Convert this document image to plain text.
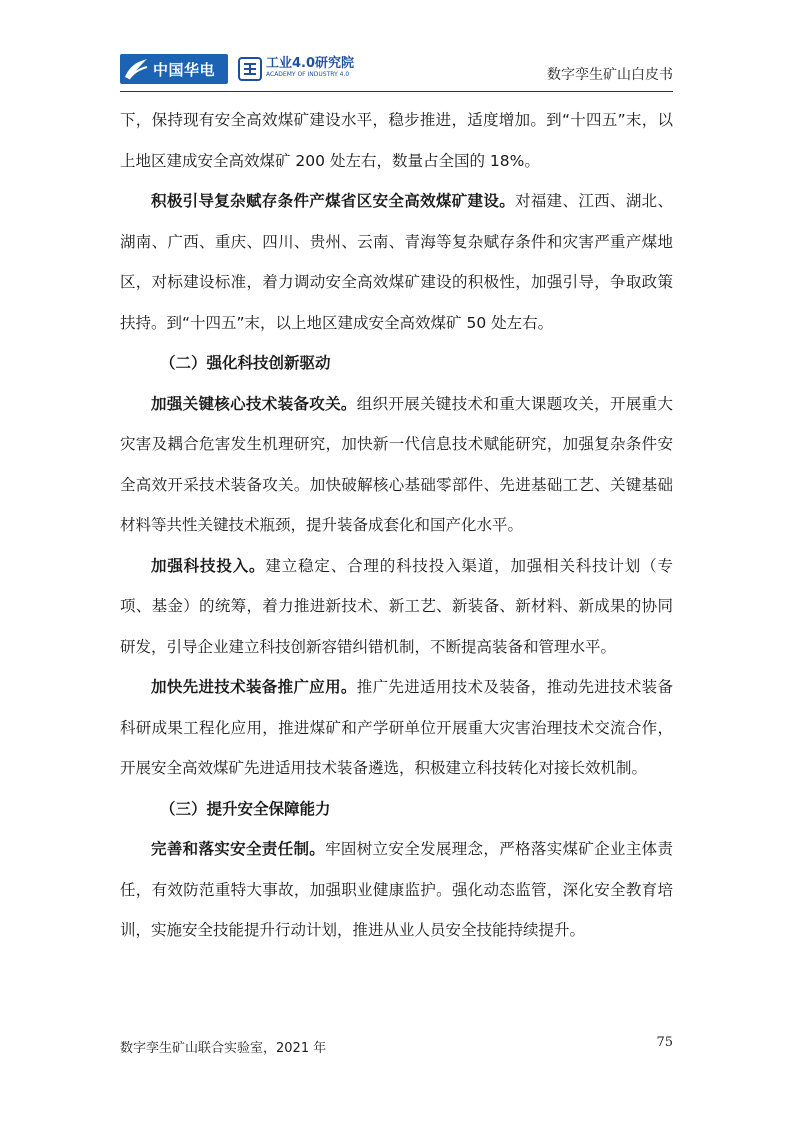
中国华电	工业4.0研究院
ACADEMY OF INDUSTRY 4.0	数字孪生矿山白皮书

下，保持现有安全高效煤矿建设水平，稳步推进，适度增加。到“十四五”末，以上地区建成安全高效煤矿 200 处左右，数量占全国的 18%。

积极引导复杂赋存条件产煤省区安全高效煤矿建设。对福建、江西、湖北、湖南、广西、重庆、四川、贵州、云南、青海等复杂赋存条件和灾害严重产煤地区，对标建设标准，着力调动安全高效煤矿建设的积极性，加强引导，争取政策扶持。到“十四五”末，以上地区建成安全高效煤矿 50 处左右。

（二）强化科技创新驱动

加强关键核心技术装备攻关。组织开展关键技术和重大课题攻关，开展重大灾害及耦合危害发生机理研究，加快新一代信息技术赋能研究，加强复杂条件安全高效开采技术装备攻关。加快破解核心基础零部件、先进基础工艺、关键基础材料等共性关键技术瓶颈，提升装备成套化和国产化水平。

加强科技投入。建立稳定、合理的科技投入渠道，加强相关科技计划（专项、基金）的统筹，着力推进新技术、新工艺、新装备、新材料、新成果的协同研发，引导企业建立科技创新容错纠错机制，不断提高装备和管理水平。

加快先进技术装备推广应用。推广先进适用技术及装备，推动先进技术装备科研成果工程化应用，推进煤矿和产学研单位开展重大灾害治理技术交流合作，开展安全高效煤矿先进适用技术装备遴选，积极建立科技转化对接长效机制。

（三）提升安全保障能力

完善和落实安全责任制。牢固树立安全发展理念，严格落实煤矿企业主体责任，有效防范重特大事故，加强职业健康监护。强化动态监管，深化安全教育培训，实施安全技能提升行动计划，推进从业人员安全技能持续提升。

数字孪生矿山联合实验室，2021 年	75
